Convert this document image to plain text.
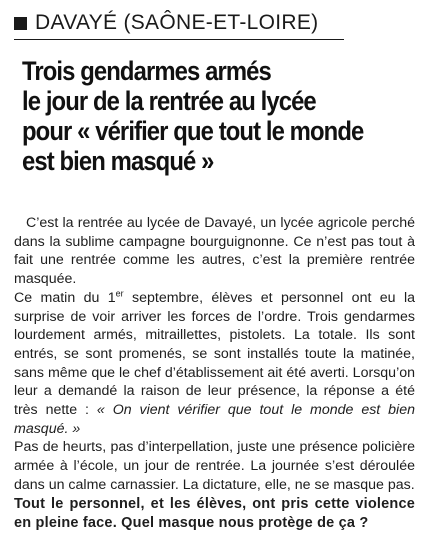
DAVAYÉ (SAÔNE-ET-LOIRE)
Trois gendarmes armés
le jour de la rentrée au lycée
pour « vérifier que tout le monde
est bien masqué »

C’est la rentrée au lycée de Davayé, un lycée agricole perché dans la sublime campagne bourguignonne. Ce n’est pas tout à fait une rentrée comme les autres, c’est la première rentrée masquée.

Ce matin du 1er septembre, élèves et personnel ont eu la surprise de voir arriver les forces de l’ordre. Trois gendarmes lourdement armés, mitraillettes, pistolets. La totale. Ils sont entrés, se sont promenés, se sont installés toute la matinée, sans même que le chef d’établissement ait été averti. Lorsqu’on leur a demandé la raison de leur présence, la réponse a été très nette : « On vient vérifier que tout le monde est bien masqué. »

Pas de heurts, pas d’interpellation, juste une présence policière armée à l’école, un jour de rentrée. La journée s’est déroulée dans un calme carnassier. La dictature, elle, ne se masque pas.

Tout le personnel, et les élèves, ont pris cette violence en pleine face. Quel masque nous protège de ça ?
